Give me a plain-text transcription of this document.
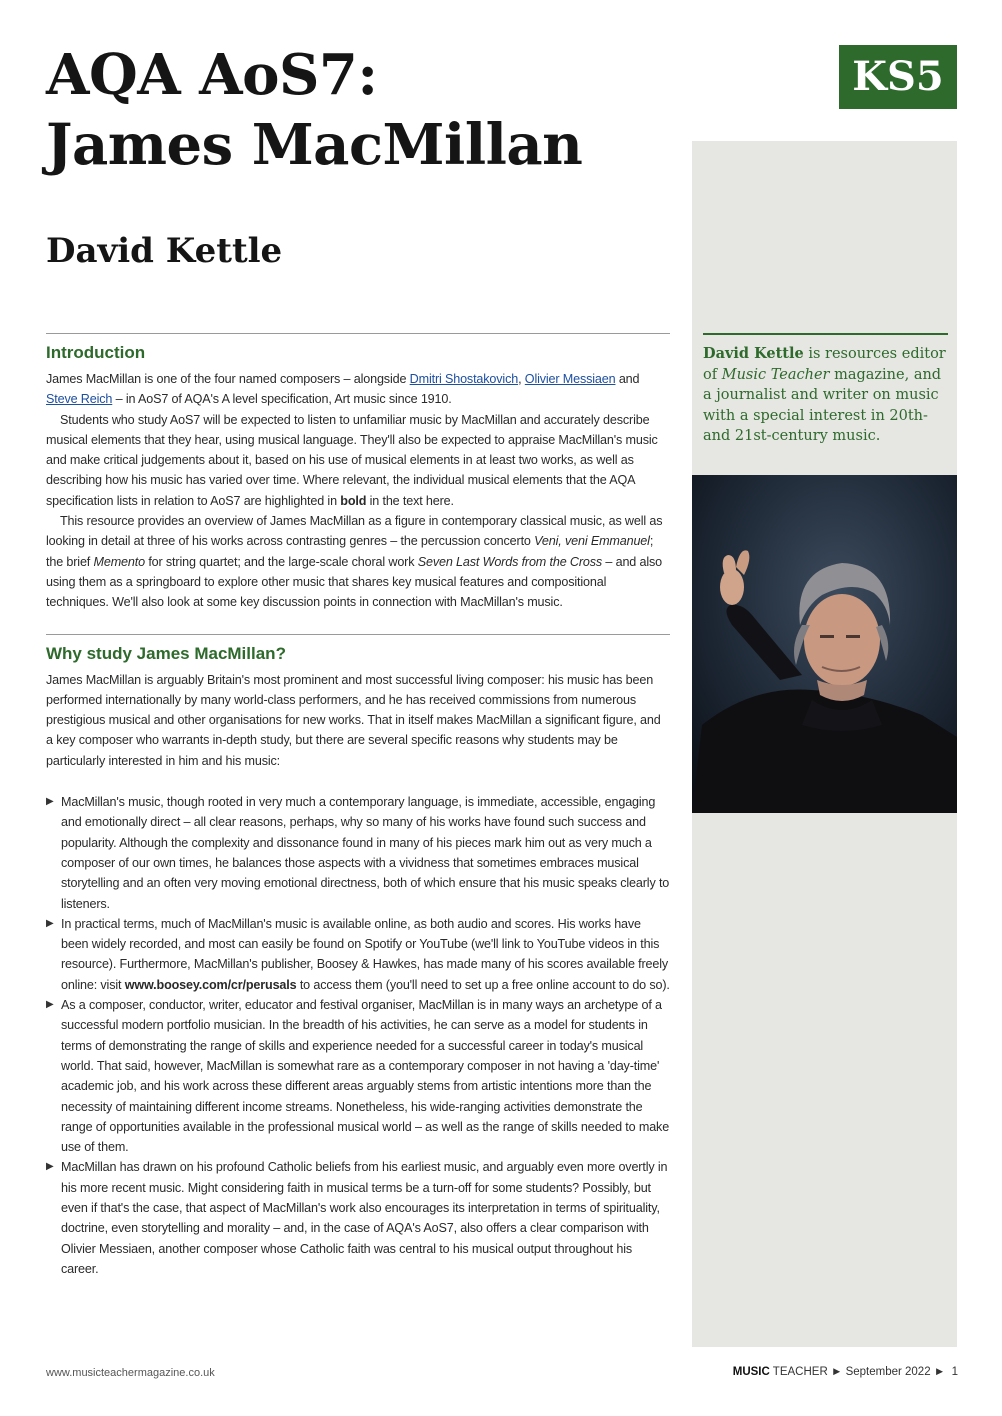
AQA AoS7:
James MacMillan
David Kettle
KS5

David Kettle is resources editor of Music Teacher magazine, and a journalist and writer on music with a special interest in 20th- and 21st-century music.

Introduction

James MacMillan is one of the four named composers – alongside Dmitri Shostakovich, Olivier Messiaen and Steve Reich – in AoS7 of AQA's A level specification, Art music since 1910.

Students who study AoS7 will be expected to listen to unfamiliar music by MacMillan and accurately describe musical elements that they hear, using musical language. They'll also be expected to appraise MacMillan's music and make critical judgements about it, based on his use of musical elements in at least two works, as well as describing how his music has varied over time. Where relevant, the individual musical elements that the AQA specification lists in relation to AoS7 are highlighted in bold in the text here.

This resource provides an overview of James MacMillan as a figure in contemporary classical music, as well as looking in detail at three of his works across contrasting genres – the percussion concerto Veni, veni Emmanuel; the brief Memento for string quartet; and the large-scale choral work Seven Last Words from the Cross – and also using them as a springboard to explore other music that shares key musical features and compositional techniques. We'll also look at some key discussion points in connection with MacMillan's music.

Why study James MacMillan?

James MacMillan is arguably Britain's most prominent and most successful living composer: his music has been performed internationally by many world-class performers, and he has received commissions from numerous prestigious musical and other organisations for new works. That in itself makes MacMillan a significant figure, and a key composer who warrants in-depth study, but there are several specific reasons why students may be particularly interested in him and his music:

▶ MacMillan's music, though rooted in very much a contemporary language, is immediate, accessible, engaging and emotionally direct – all clear reasons, perhaps, why so many of his works have found such success and popularity. Although the complexity and dissonance found in many of his pieces mark him out as very much a composer of our own times, he balances those aspects with a vividness that sometimes embraces musical storytelling and an often very moving emotional directness, both of which ensure that his music speaks clearly to listeners.
▶ In practical terms, much of MacMillan's music is available online, as both audio and scores. His works have been widely recorded, and most can easily be found on Spotify or YouTube (we'll link to YouTube videos in this resource). Furthermore, MacMillan's publisher, Boosey & Hawkes, has made many of his scores available freely online: visit www.boosey.com/cr/perusals to access them (you'll need to set up a free online account to do so).
▶ As a composer, conductor, writer, educator and festival organiser, MacMillan is in many ways an archetype of a successful modern portfolio musician. In the breadth of his activities, he can serve as a model for students in terms of demonstrating the range of skills and experience needed for a successful career in today's musical world. That said, however, MacMillan is somewhat rare as a contemporary composer in not having a 'day-time' academic job, and his work across these different areas arguably stems from artistic intentions more than the necessity of maintaining different income streams. Nonetheless, his wide-ranging activities demonstrate the range of opportunities available in the professional musical world – as well as the range of skills needed to make use of them.
▶ MacMillan has drawn on his profound Catholic beliefs from his earliest music, and arguably even more overtly in his more recent music. Might considering faith in musical terms be a turn-off for some students? Possibly, but even if that's the case, that aspect of MacMillan's work also encourages its interpretation in terms of spirituality, doctrine, even storytelling and morality – and, in the case of AQA's AoS7, also offers a clear comparison with Olivier Messiaen, another composer whose Catholic faith was central to his musical output throughout his career.
www.musicteachermagazine.co.uk	MUSIC TEACHER ► September 2022 ► 1
